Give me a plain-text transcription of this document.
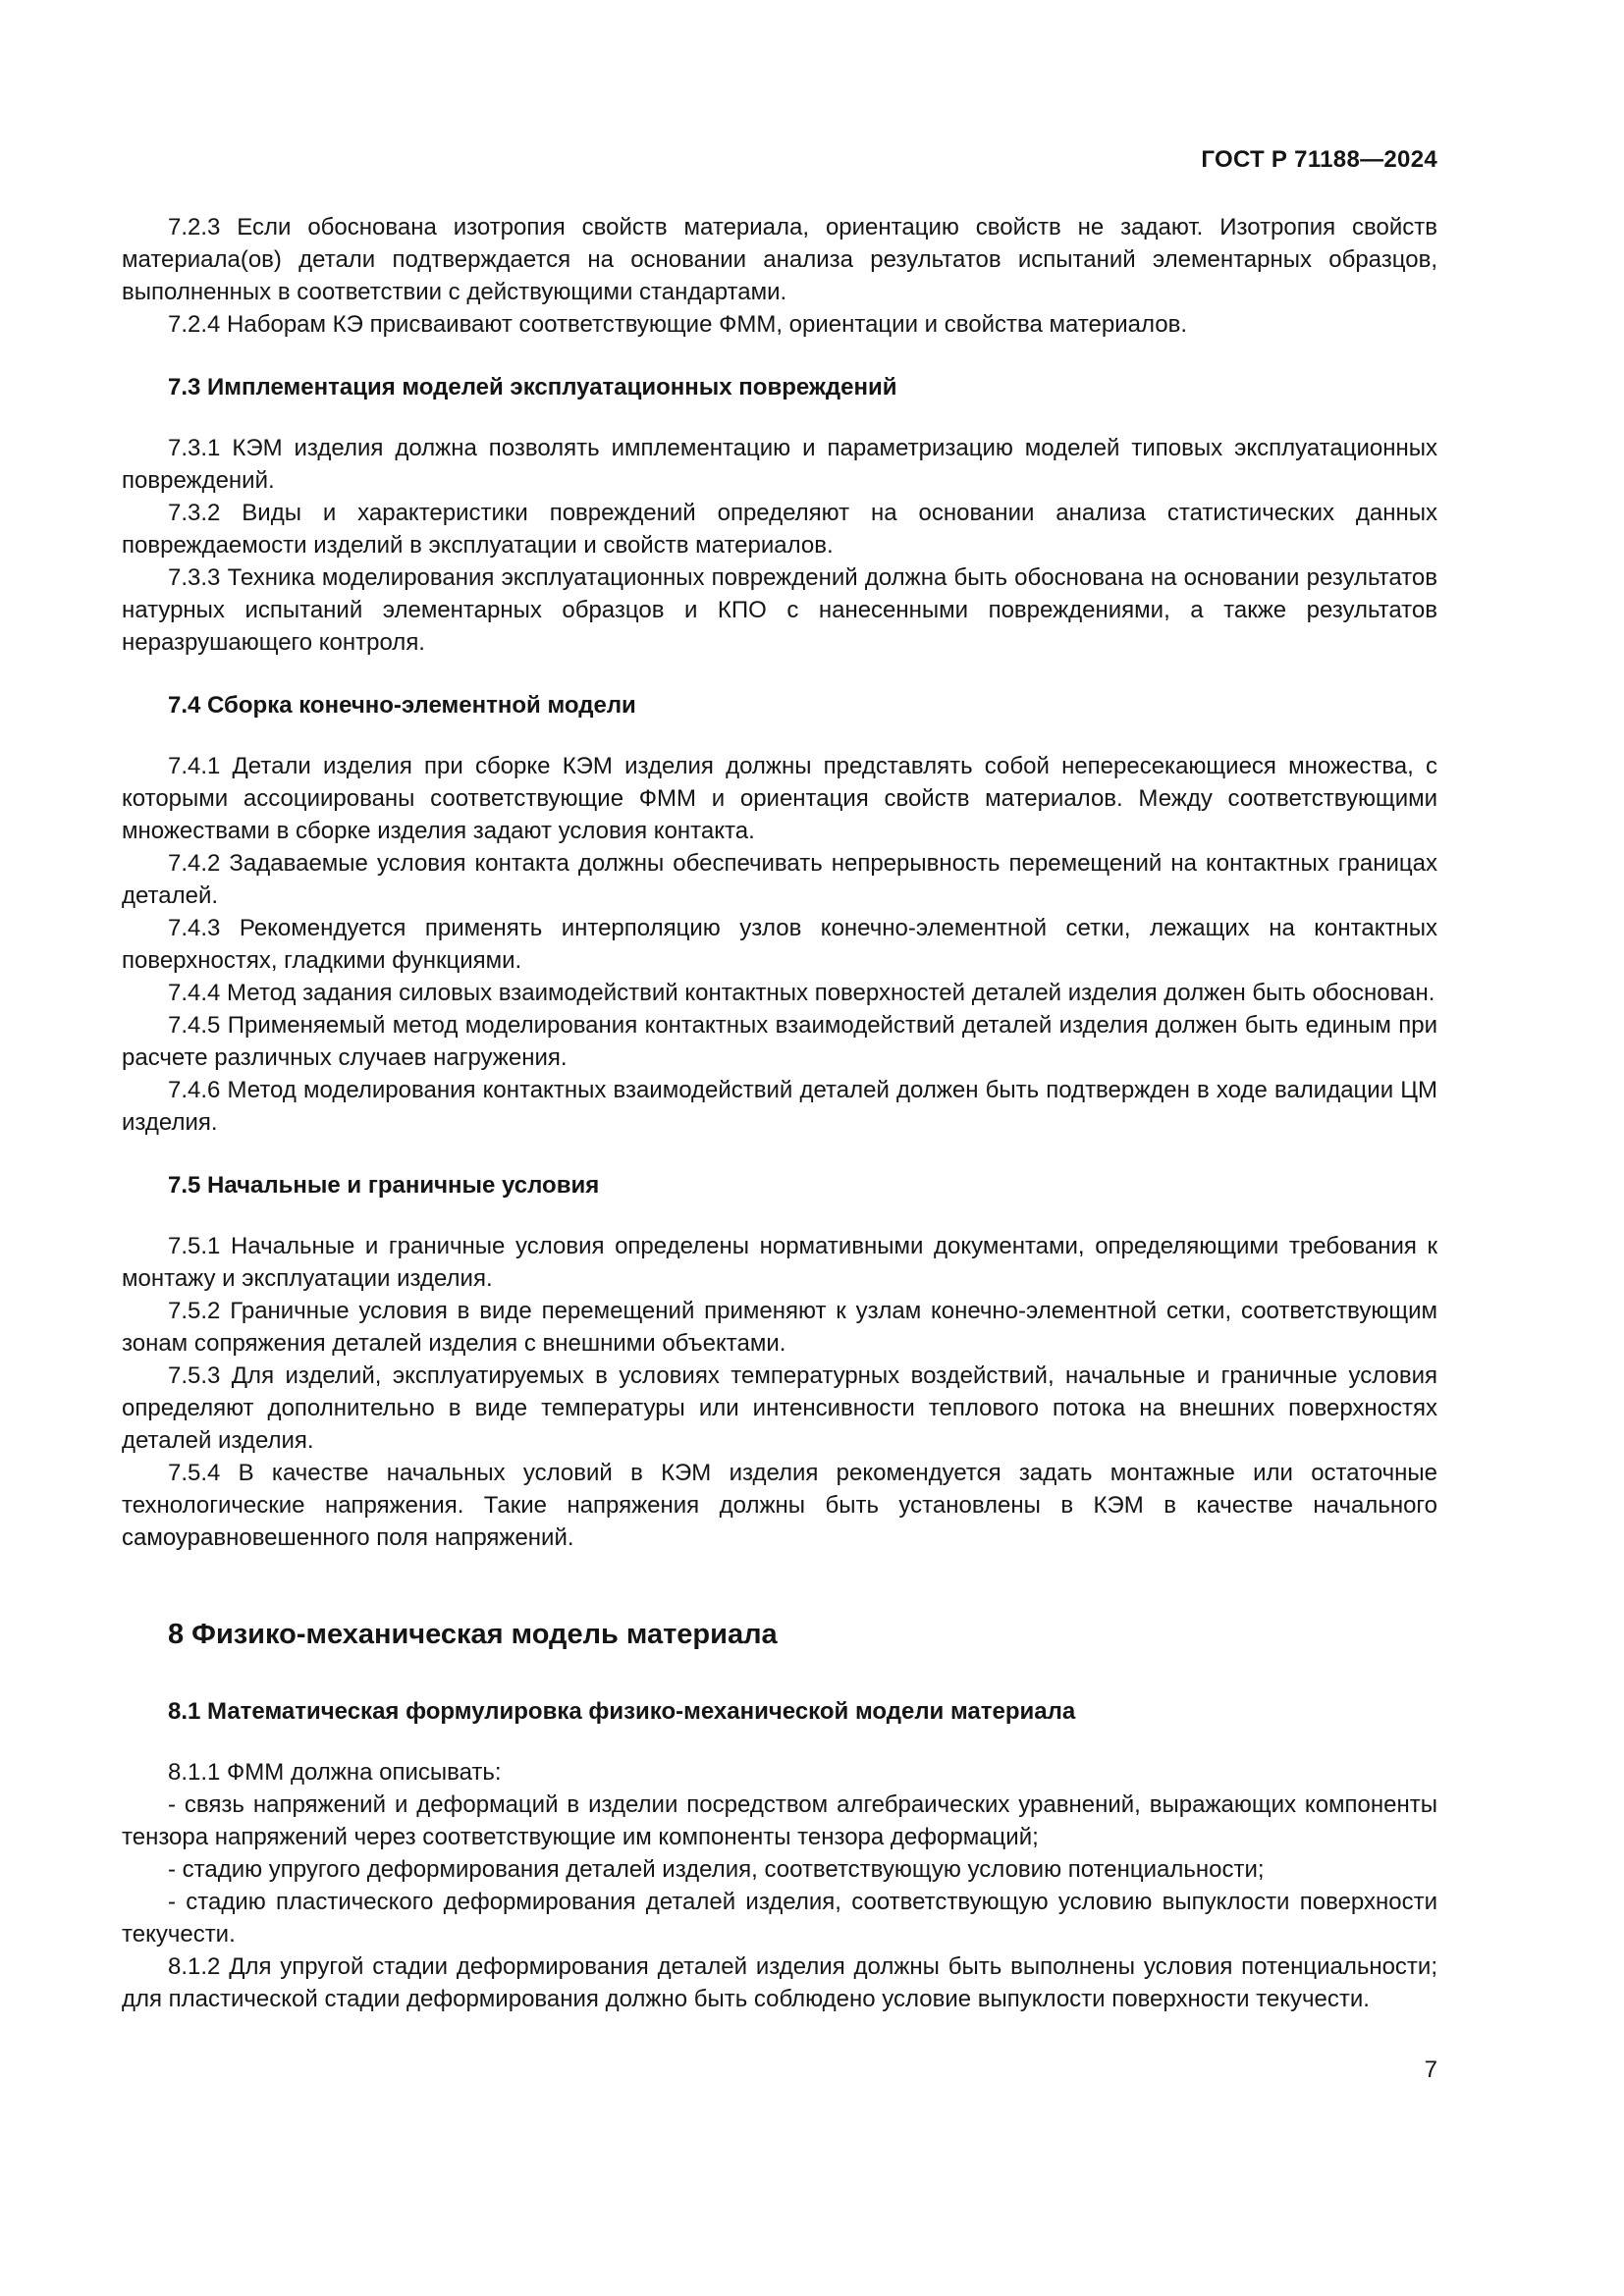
ГОСТ Р 71188—2024

7.2.3 Если обоснована изотропия свойств материала, ориентацию свойств не задают. Изотропия свойств материала(ов) детали подтверждается на основании анализа результатов испытаний элементарных образцов, выполненных в соответствии с действующими стандартами.

7.2.4 Наборам КЭ присваивают соответствующие ФММ, ориентации и свойства материалов.

7.3 Имплементация моделей эксплуатационных повреждений

7.3.1 КЭМ изделия должна позволять имплементацию и параметризацию моделей типовых эксплуатационных повреждений.

7.3.2 Виды и характеристики повреждений определяют на основании анализа статистических данных повреждаемости изделий в эксплуатации и свойств материалов.

7.3.3 Техника моделирования эксплуатационных повреждений должна быть обоснована на основании результатов натурных испытаний элементарных образцов и КПО с нанесенными повреждениями, а также результатов неразрушающего контроля.

7.4 Сборка конечно-элементной модели

7.4.1 Детали изделия при сборке КЭМ изделия должны представлять собой непересекающиеся множества, с которыми ассоциированы соответствующие ФММ и ориентация свойств материалов. Между соответствующими множествами в сборке изделия задают условия контакта.

7.4.2 Задаваемые условия контакта должны обеспечивать непрерывность перемещений на контактных границах деталей.

7.4.3 Рекомендуется применять интерполяцию узлов конечно-элементной сетки, лежащих на контактных поверхностях, гладкими функциями.

7.4.4 Метод задания силовых взаимодействий контактных поверхностей деталей изделия должен быть обоснован.

7.4.5 Применяемый метод моделирования контактных взаимодействий деталей изделия должен быть единым при расчете различных случаев нагружения.

7.4.6 Метод моделирования контактных взаимодействий деталей должен быть подтвержден в ходе валидации ЦМ изделия.

7.5 Начальные и граничные условия

7.5.1 Начальные и граничные условия определены нормативными документами, определяющими требования к монтажу и эксплуатации изделия.

7.5.2 Граничные условия в виде перемещений применяют к узлам конечно-элементной сетки, соответствующим зонам сопряжения деталей изделия с внешними объектами.

7.5.3 Для изделий, эксплуатируемых в условиях температурных воздействий, начальные и граничные условия определяют дополнительно в виде температуры или интенсивности теплового потока на внешних поверхностях деталей изделия.

7.5.4 В качестве начальных условий в КЭМ изделия рекомендуется задать монтажные или остаточные технологические напряжения. Такие напряжения должны быть установлены в КЭМ в качестве начального самоуравновешенного поля напряжений.

8 Физико-механическая модель материала
8.1 Математическая формулировка физико-механической модели материала

8.1.1 ФММ должна описывать:

- связь напряжений и деформаций в изделии посредством алгебраических уравнений, выражающих компоненты тензора напряжений через соответствующие им компоненты тензора деформаций;

- стадию упругого деформирования деталей изделия, соответствующую условию потенциальности;

- стадию пластического деформирования деталей изделия, соответствующую условию выпуклости поверхности текучести.

8.1.2 Для упругой стадии деформирования деталей изделия должны быть выполнены условия потенциальности; для пластической стадии деформирования должно быть соблюдено условие выпуклости поверхности текучести.

7
